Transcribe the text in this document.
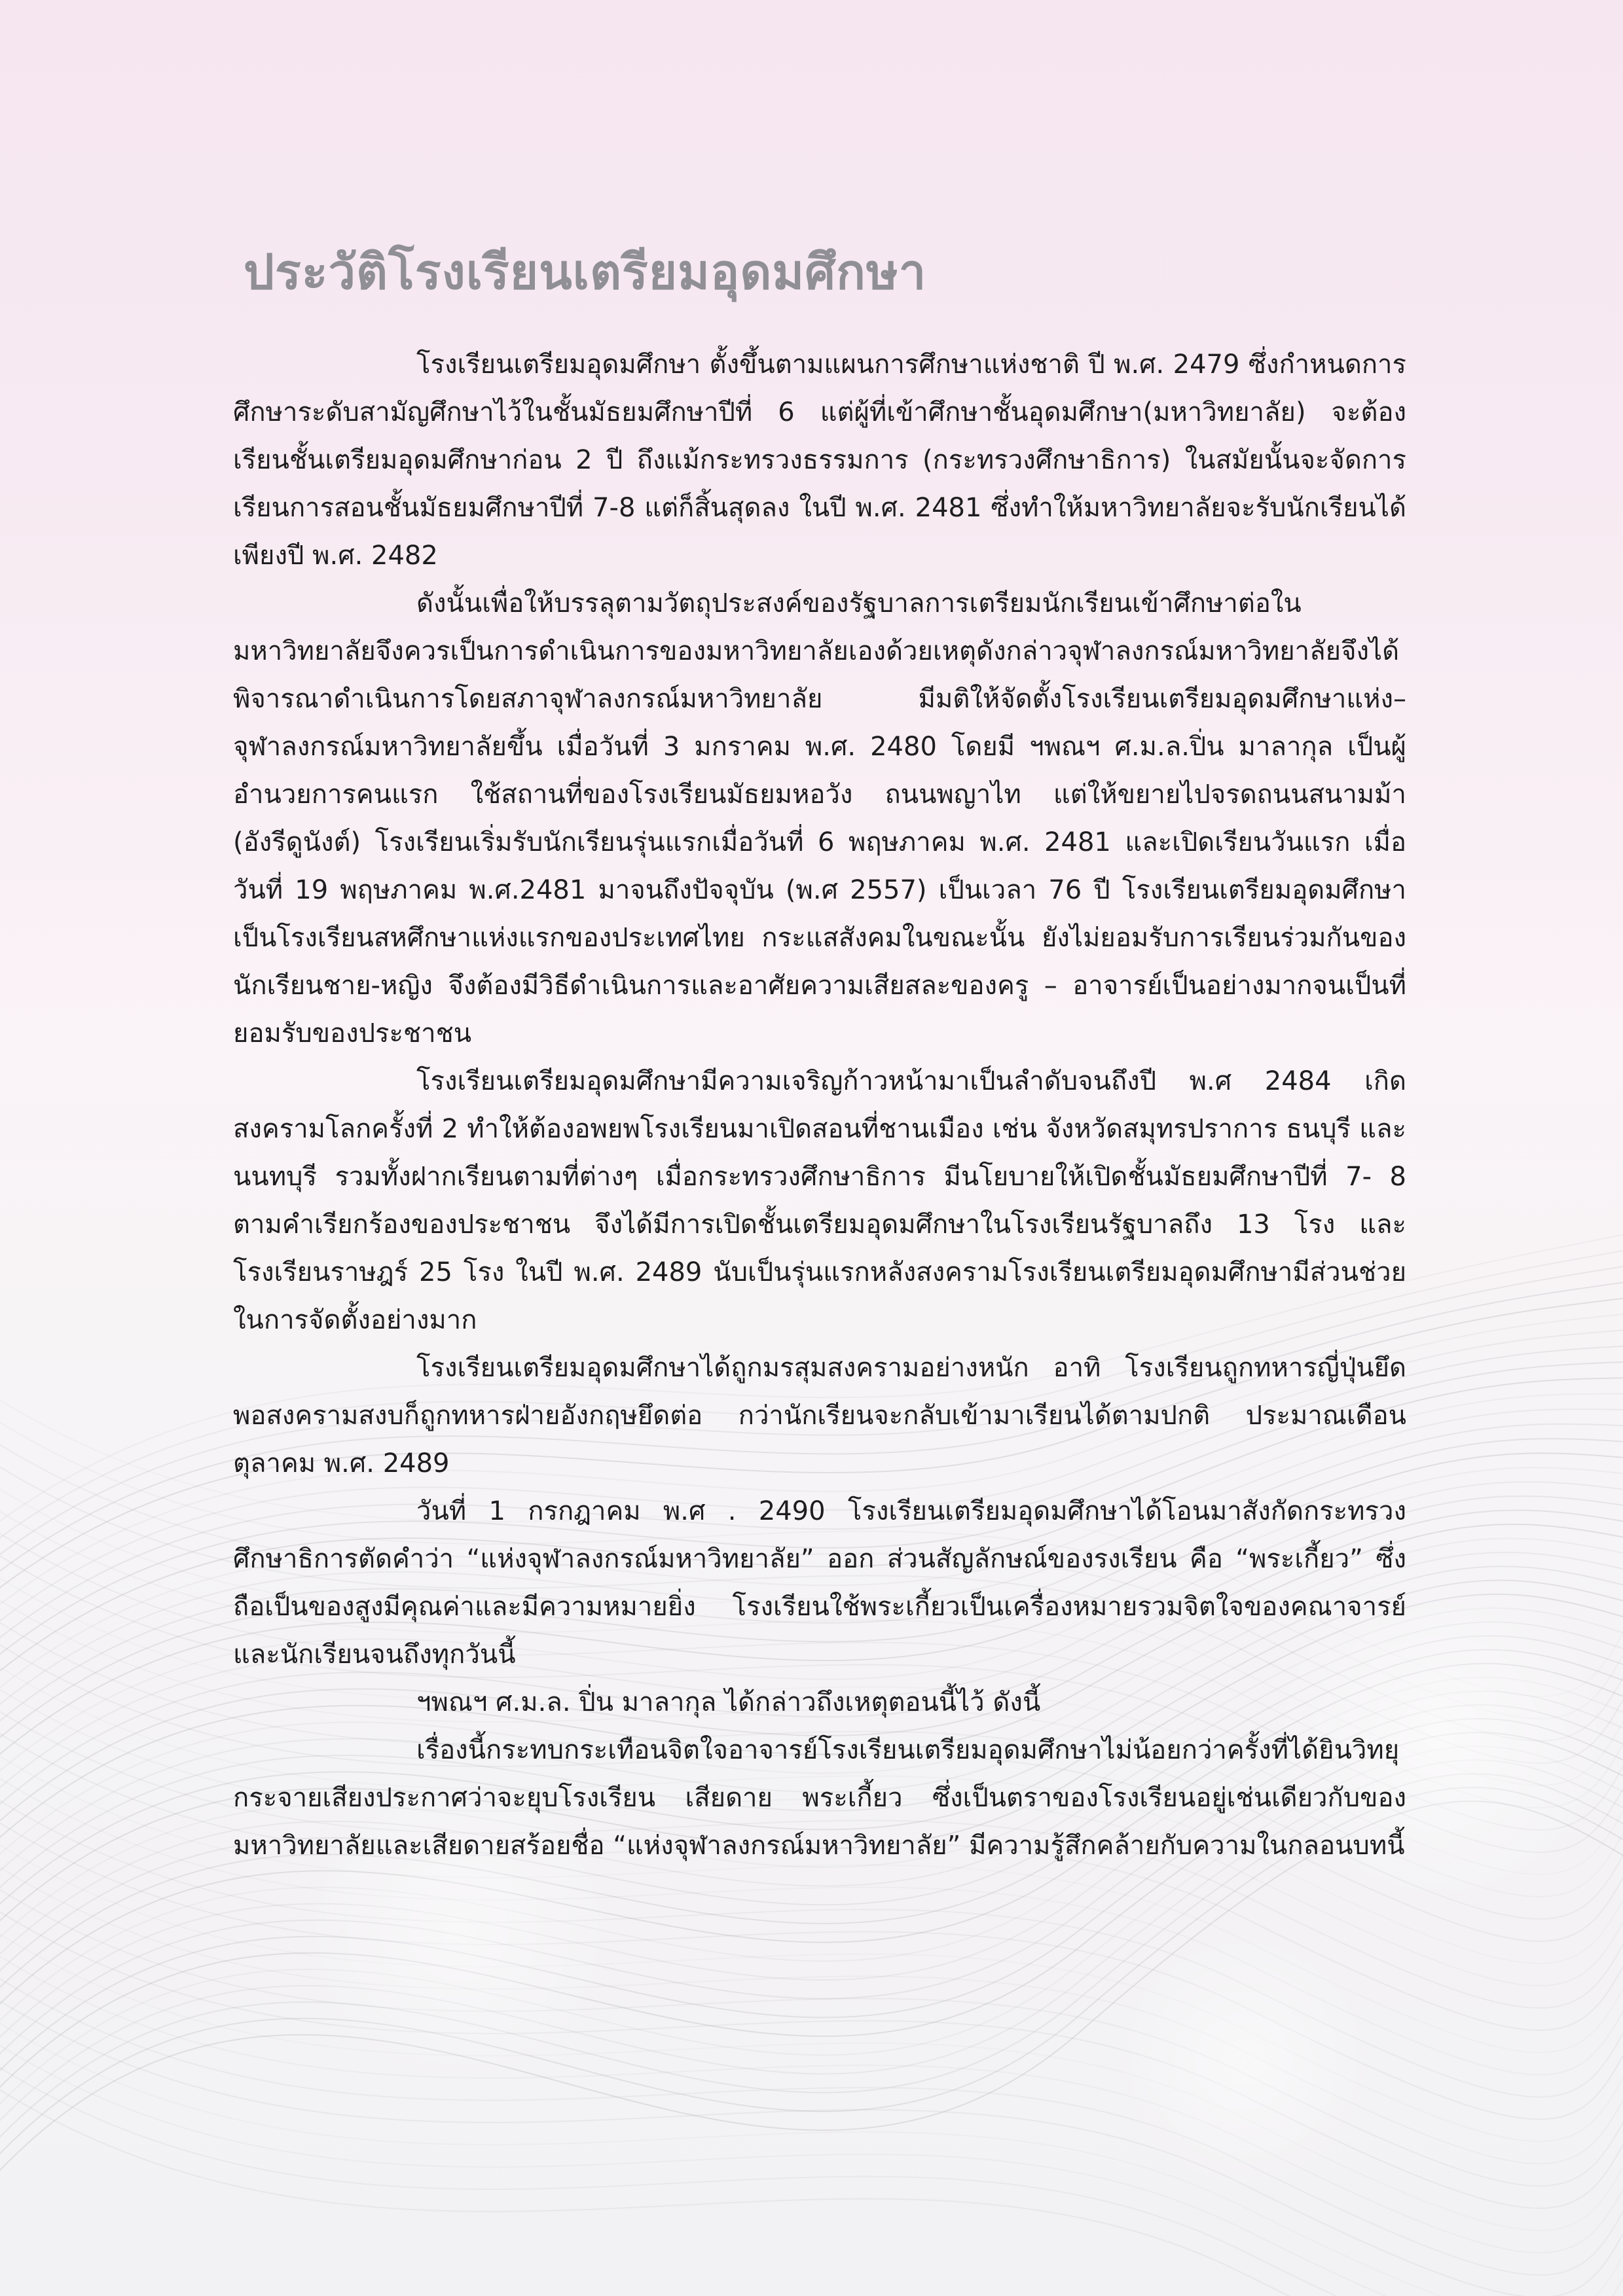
ประวัติโรงเรียนเตรียมอุดมศึกษา

โรงเรียนเตรียมอุดมศึกษา ตั้งขึ้นตามแผนการศึกษาแห่งชาติ ปี พ.ศ. 2479 ซึ่งกำหนดการศึกษาระดับสามัญศึกษาไว้ในชั้นมัธยมศึกษาปีที่ 6 แต่ผู้ที่เข้าศึกษาชั้นอุดมศึกษา(มหาวิทยาลัย) จะต้องเรียนชั้นเตรียมอุดมศึกษาก่อน 2 ปี ถึงแม้กระทรวงธรรมการ (กระทรวงศึกษาธิการ) ในสมัยนั้นจะจัดการเรียนการสอนชั้นมัธยมศึกษาปีที่ 7-8 แต่ก็สิ้นสุดลง ในปี พ.ศ. 2481 ซึ่งทำให้มหาวิทยาลัยจะรับนักเรียนได้เพียงปี พ.ศ. 2482

ดังนั้นเพื่อให้บรรลุตามวัตถุประสงค์ของรัฐบาลการเตรียมนักเรียนเข้าศึกษาต่อในมหาวิทยาลัยจึงควรเป็นการดำเนินการของมหาวิทยาลัยเองด้วยเหตุดังกล่าวจุฬาลงกรณ์มหาวิทยาลัยจึงได้พิจารณาดำเนินการโดยสภาจุฬาลงกรณ์มหาวิทยาลัย มีมติให้จัดตั้งโรงเรียนเตรียมอุดมศึกษาแห่ง–จุฬาลงกรณ์มหาวิทยาลัยขึ้น เมื่อวันที่ 3 มกราคม พ.ศ. 2480 โดยมี ฯพณฯ ศ.ม.ล.ปิ่น มาลากุล เป็นผู้อำนวยการคนแรก ใช้สถานที่ของโรงเรียนมัธยมหอวัง ถนนพญาไท แต่ให้ขยายไปจรดถนนสนามม้า (อังรีดูนังต์) โรงเรียนเริ่มรับนักเรียนรุ่นแรกเมื่อวันที่ 6 พฤษภาคม พ.ศ. 2481 และเปิดเรียนวันแรก เมื่อ วันที่ 19 พฤษภาคม พ.ศ.2481 มาจนถึงปัจจุบัน (พ.ศ 2557) เป็นเวลา 76 ปี โรงเรียนเตรียมอุดมศึกษาเป็นโรงเรียนสหศึกษาแห่งแรกของประเทศไทย กระแสสังคมในขณะนั้น ยังไม่ยอมรับการเรียนร่วมกันของนักเรียนชาย-หญิง จึงต้องมีวิธีดำเนินการและอาศัยความเสียสละของครู – อาจารย์เป็นอย่างมากจนเป็นที่ยอมรับของประชาชน

โรงเรียนเตรียมอุดมศึกษามีความเจริญก้าวหน้ามาเป็นลำดับจนถึงปี พ.ศ 2484 เกิดสงครามโลกครั้งที่ 2 ทำให้ต้องอพยพโรงเรียนมาเปิดสอนที่ชานเมือง เช่น จังหวัดสมุทรปราการ ธนบุรี และนนทบุรี รวมทั้งฝากเรียนตามที่ต่างๆ เมื่อกระทรวงศึกษาธิการ มีนโยบายให้เปิดชั้นมัธยมศึกษาปีที่ 7- 8 ตามคำเรียกร้องของประชาชน จึงได้มีการเปิดชั้นเตรียมอุดมศึกษาในโรงเรียนรัฐบาลถึง 13 โรง และโรงเรียนราษฎร์ 25 โรง ในปี พ.ศ. 2489 นับเป็นรุ่นแรกหลังสงครามโรงเรียนเตรียมอุดมศึกษามีส่วนช่วยในการจัดตั้งอย่างมาก

โรงเรียนเตรียมอุดมศึกษาได้ถูกมรสุมสงครามอย่างหนัก อาทิ โรงเรียนถูกทหารญี่ปุ่นยึดพอสงครามสงบก็ถูกทหารฝ่ายอังกฤษยึดต่อ กว่านักเรียนจะกลับเข้ามาเรียนได้ตามปกติ ประมาณเดือนตุลาคม พ.ศ. 2489

วันที่ 1 กรกฎาคม พ.ศ . 2490 โรงเรียนเตรียมอุดมศึกษาได้โอนมาสังกัดกระทรวงศึกษาธิการตัดคำว่า “แห่งจุฬาลงกรณ์มหาวิทยาลัย” ออก ส่วนสัญลักษณ์ของรงเรียน คือ “พระเกี้ยว” ซึ่งถือเป็นของสูงมีคุณค่าและมีความหมายยิ่ง โรงเรียนใช้พระเกี้ยวเป็นเครื่องหมายรวมจิตใจของคณาจารย์และนักเรียนจนถึงทุกวันนี้

ฯพณฯ ศ.ม.ล. ปิ่น มาลากุล ได้กล่าวถึงเหตุตอนนี้ไว้ ดังนี้

เรื่องนี้กระทบกระเทือนจิตใจอาจารย์โรงเรียนเตรียมอุดมศึกษาไม่น้อยกว่าครั้งที่ได้ยินวิทยุกระจายเสียงประกาศว่าจะยุบโรงเรียน เสียดาย พระเกี้ยว ซึ่งเป็นตราของโรงเรียนอยู่เช่นเดียวกับของมหาวิทยาลัยและเสียดายสร้อยชื่อ “แห่งจุฬาลงกรณ์มหาวิทยาลัย” มีความรู้สึกคล้ายกับความในกลอนบทนี้
